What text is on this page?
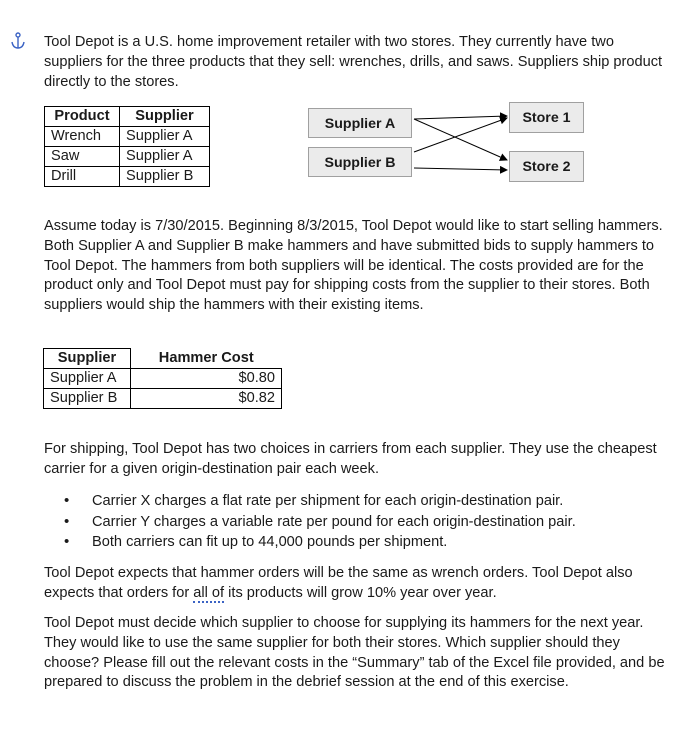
Tool Depot is a U.S. home improvement retailer with two stores. They currently have two suppliers for the three products that they sell: wrenches, drills, and saws. Suppliers ship product directly to the stores.

Product	Supplier
Wrench	Supplier A
Saw	Supplier A
Drill	Supplier B
Supplier A
Supplier B
Store 1
Store 2

Assume today is 7/30/2015. Beginning 8/3/2015, Tool Depot would like to start selling hammers. Both Supplier A and Supplier B make hammers and have submitted bids to supply hammers to Tool Depot. The hammers from both suppliers will be identical. The costs provided are for the product only and Tool Depot must pay for shipping costs from the supplier to their stores. Both suppliers would ship the hammers with their existing items.

Supplier	Hammer Cost
Supplier A	$0.80
Supplier B	$0.82

For shipping, Tool Depot has two choices in carriers from each supplier. They use the cheapest carrier for a given origin-destination pair each week.

• Carrier X charges a flat rate per shipment for each origin-destination pair.
• Carrier Y charges a variable rate per pound for each origin-destination pair.
• Both carriers can fit up to 44,000 pounds per shipment.

Tool Depot expects that hammer orders will be the same as wrench orders. Tool Depot also expects that orders for all of its products will grow 10% year over year.

Tool Depot must decide which supplier to choose for supplying its hammers for the next year. They would like to use the same supplier for both their stores. Which supplier should they choose? Please fill out the relevant costs in the “Summary” tab of the Excel file provided, and be prepared to discuss the problem in the debrief session at the end of this exercise.
